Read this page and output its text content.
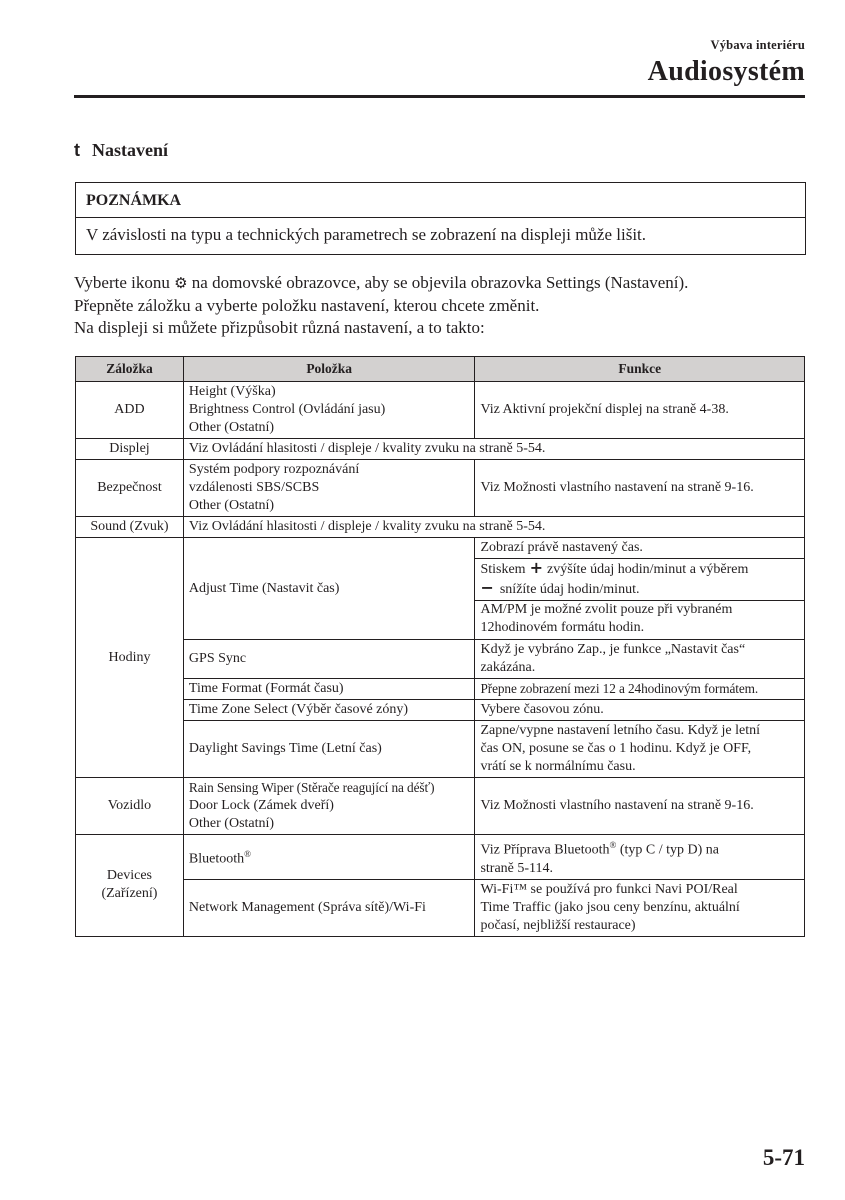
Výbava interiéru
Audiosystém
t Nastavení
POZNÁMKA
V závislosti na typu a technických parametrech se zobrazení na displeji může lišit.

Vyberte ikonu ⚙ na domovské obrazovce, aby se objevila obrazovka Settings (Nastavení).

Přepněte záložku a vyberte položku nastavení, kterou chcete změnit.

Na displeji si můžete přizpůsobit různá nastavení, a to takto:

Záložka	Položka	Funkce
ADD	Height (Výška)
Brightness Control (Ovládání jasu)
Other (Ostatní)	Viz Aktivní projekční displej na straně 4-38.
Displej	Viz Ovládání hlasitosti / displeje / kvality zvuku na straně 5-54.	
Bezpečnost	Systém podpory rozpoznávání
vzdálenosti SBS/SCBS
Other (Ostatní)	Viz Možnosti vlastního nastavení na straně 9-16.
Sound (Zvuk)	Viz Ovládání hlasitosti / displeje / kvality zvuku na straně 5-54.	
Hodiny	Adjust Time (Nastavit čas)	Zobrazí právě nastavený čas.
Stiskem + zvýšíte údaj hodin/minut a výběrem
− snížíte údaj hodin/minut.
AM/PM je možné zvolit pouze při vybraném
12hodinovém formátu hodin.

	GPS Sync	Když je vybráno Zap., je funkce „Nastavit čas“
zakázána.

	Time Format (Formát času)	Přepne zobrazení mezi 12 a 24hodinovým formátem.
	Time Zone Select (Výběr časové zóny)	Vybere časovou zónu.
	Daylight Savings Time (Letní čas)	Zapne/vypne nastavení letního času. Když je letní
čas ON, posune se čas o 1 hodinu. Když je OFF,
vrátí se k normálnímu času.

Vozidlo	Rain Sensing Wiper (Stěrače reagující na déšť)
Door Lock (Zámek dveří)
Other (Ostatní)	Viz Možnosti vlastního nastavení na straně 9-16.

Devices
(Zařízení)	Bluetooth®	Viz Příprava Bluetooth® (typ C / typ D) na
straně 5-114.

	Network Management (Správa sítě)/Wi-Fi	Wi-Fi™ se používá pro funkci Navi POI/Real
Time Traffic (jako jsou ceny benzínu, aktuální
počasí, nejbližší restaurace)
5-71
